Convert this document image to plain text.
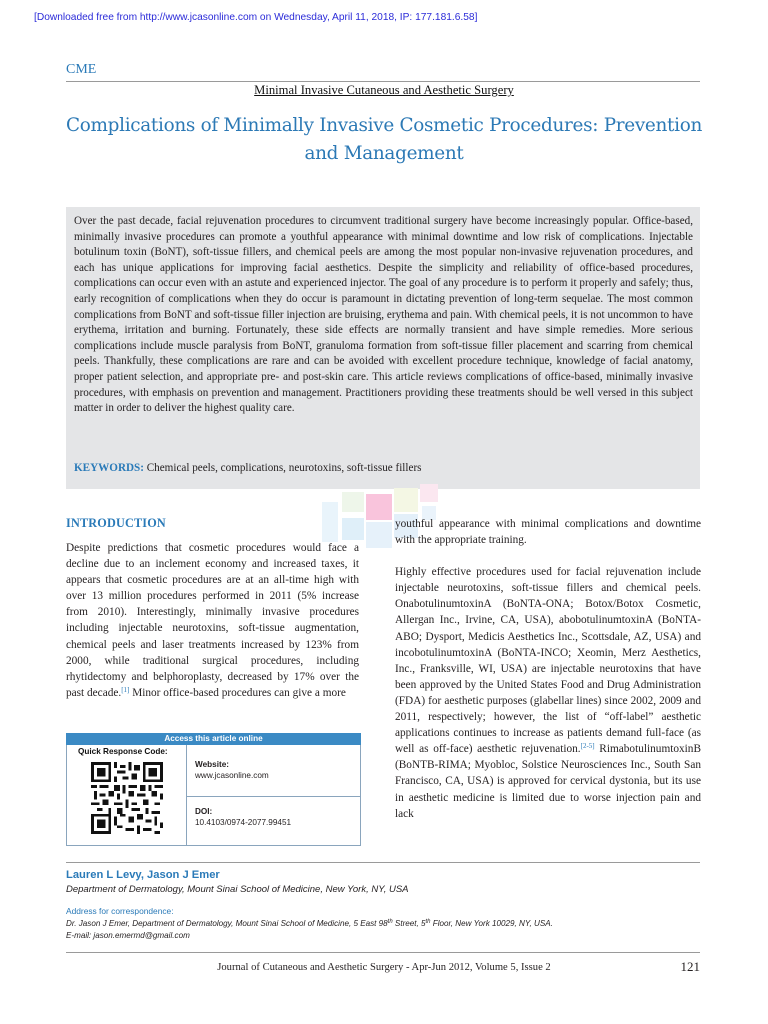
[Downloaded free from http://www.jcasonline.com on Wednesday, April 11, 2018, IP: 177.181.6.58]
CME
Minimal Invasive Cutaneous and Aesthetic Surgery
Complications of Minimally Invasive Cosmetic Procedures: Prevention and Management
Over the past decade, facial rejuvenation procedures to circumvent traditional surgery have become increasingly popular. Office-based, minimally invasive procedures can promote a youthful appearance with minimal downtime and low risk of complications. Injectable botulinum toxin (BoNT), soft-tissue fillers, and chemical peels are among the most popular non-invasive rejuvenation procedures, and each has unique applications for improving facial aesthetics. Despite the simplicity and reliability of office-based procedures, complications can occur even with an astute and experienced injector. The goal of any procedure is to perform it properly and safely; thus, early recognition of complications when they do occur is paramount in dictating prevention of long-term sequelae. The most common complications from BoNT and soft-tissue filler injection are bruising, erythema and pain. With chemical peels, it is not uncommon to have erythema, irritation and burning. Fortunately, these side effects are normally transient and have simple remedies. More serious complications include muscle paralysis from BoNT, granuloma formation from soft-tissue filler placement and scarring from chemical peels. Thankfully, these complications are rare and can be avoided with excellent procedure technique, knowledge of facial anatomy, proper patient selection, and appropriate pre- and post-skin care. This article reviews complications of office-based, minimally invasive procedures, with emphasis on prevention and management. Practitioners providing these treatments should be well versed in this subject matter in order to deliver the highest quality care.
KEYWORDS: Chemical peels, complications, neurotoxins, soft-tissue fillers
INTRODUCTION
Despite predictions that cosmetic procedures would face a decline due to an inclement economy and increased taxes, it appears that cosmetic procedures are at an all-time high with over 13 million procedures performed in 2011 (5% increase from 2010). Interestingly, minimally invasive procedures including injectable neurotoxins, soft-tissue augmentation, chemical peels and laser treatments increased by 123% from 2000, while traditional surgical procedures, including rhytidectomy and belphoroplasty, decreased by 17% over the past decade.[1] Minor office-based procedures can give a more

youthful appearance with minimal complications and downtime with the appropriate training.

Highly effective procedures used for facial rejuvenation include injectable neurotoxins, soft-tissue fillers and chemical peels. OnabotulinumtoxinA (BoNTA-ONA; Botox/Botox Cosmetic, Allergan Inc., Irvine, CA, USA), abobotulinumtoxinA (BoNTA-ABO; Dysport, Medicis Aesthetics Inc., Scottsdale, AZ, USA) and incobotulinumtoxinA (BoNTA-INCO; Xeomin, Merz Aesthetics, Inc., Franksville, WI, USA) are injectable neurotoxins that have been approved by the United States Food and Drug Administration (FDA) for aesthetic purposes (glabellar lines) since 2002, 2009 and 2011, respectively; however, the list of “off-label” aesthetic applications continues to increase as patients demand full-face (as well as off-face) aesthetic rejuvenation.[2-5] RimabotulinumtoxinB (BoNTB-RIMA; Myobloc, Solstice Neurosciences Inc., South San Francisco, CA, USA) is approved for cervical dystonia, but its use in aesthetic medicine is limited due to worse injection pain and lack

Access this article online
Quick Response Code:
Website:
www.jcasonline.com
DOI:
10.4103/0974-2077.99451
Lauren L Levy, Jason J Emer
Department of Dermatology, Mount Sinai School of Medicine, New York, NY, USA
Address for correspondence:
Dr. Jason J Emer, Department of Dermatology, Mount Sinai School of Medicine, 5 East 98th Street, 5th Floor, New York 10029, NY, USA.
E-mail: jason.emermd@gmail.com
Journal of Cutaneous and Aesthetic Surgery - Apr-Jun 2012, Volume 5, Issue 2	121
